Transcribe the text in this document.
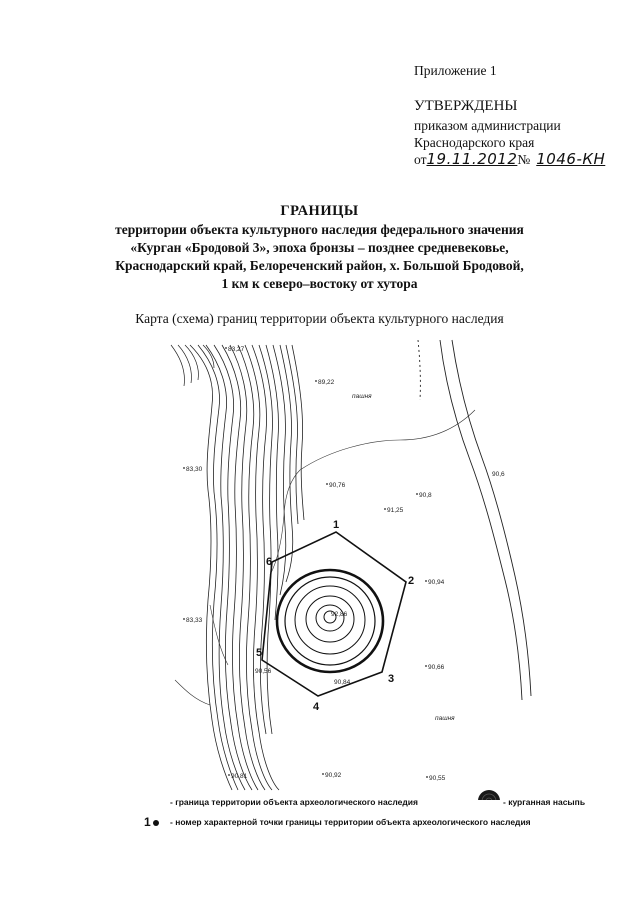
Приложение 1
УТВЕРЖДЕНЫ
приказом администрации
Краснодарского края
от19.11.2012№ 1046-КН
ГРАНИЦЫ
территории объекта культурного наследия федерального значения
«Курган «Бродовой 3», эпоха бронзы – позднее средневековье,
Краснодарский край, Белореченский район, х. Большой Бродовой,
1 км к северо–востоку от хутора
Карта (схема) границ территории объекта культурного наследия
1
2
3
4
5
6
83,27
89,22
83,30
90,76
90,8
91,25
90,94
83,33
92,86
90,56
90,84
90,66
90,81	90,92	90,55
90,6
пашня
пашня
- граница территории объекта археологического наследия	- курганная насыпь
1	- номер характерной точки границы территории объекта археологического наследия
